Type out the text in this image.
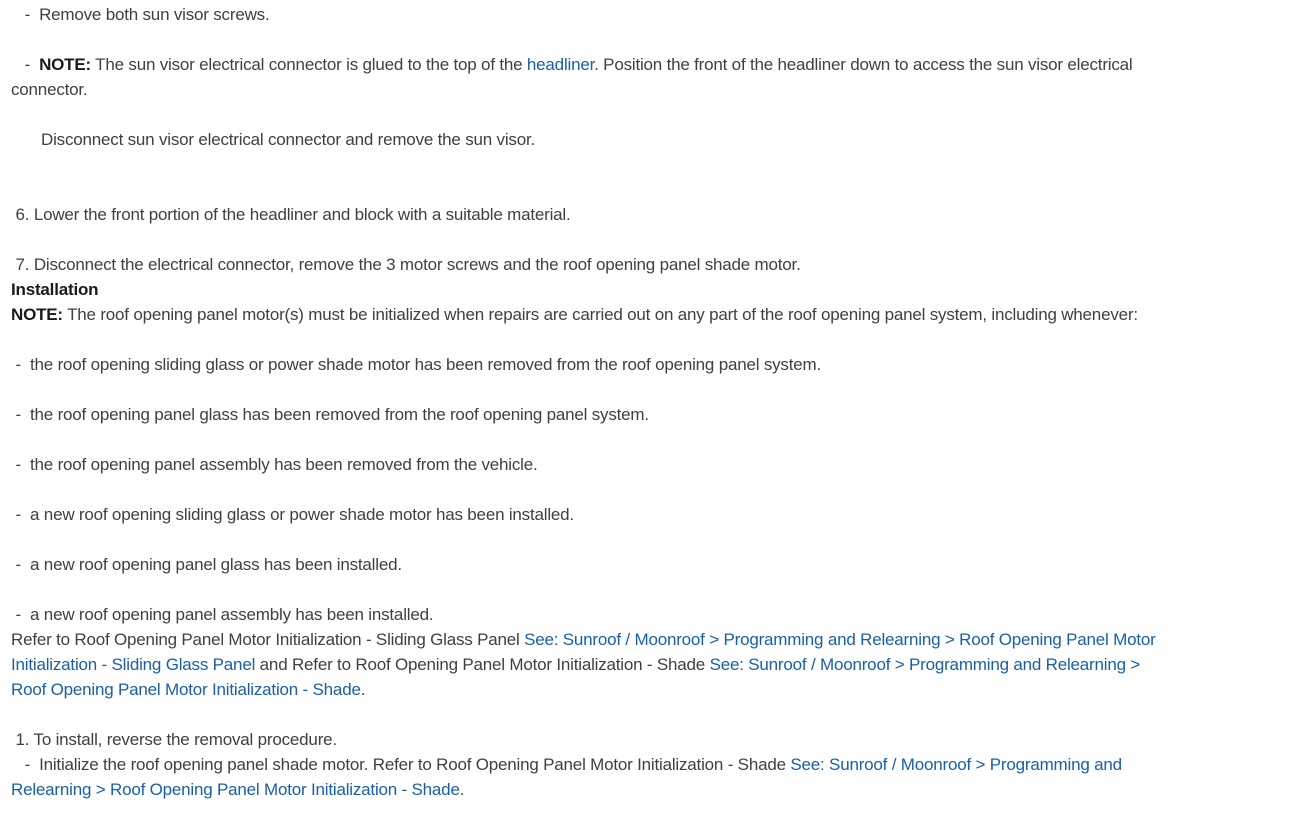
-  Remove both sun visor screws.
-  NOTE: The sun visor electrical connector is glued to the top of the headliner. Position the front of the headliner down to access the sun visor electrical
connector.
Disconnect sun visor electrical connector and remove the sun visor.
6. Lower the front portion of the headliner and block with a suitable material.
7. Disconnect the electrical connector, remove the 3 motor screws and the roof opening panel shade motor.
Installation
NOTE: The roof opening panel motor(s) must be initialized when repairs are carried out on any part of the roof opening panel system, including whenever:
-  the roof opening sliding glass or power shade motor has been removed from the roof opening panel system.
-  the roof opening panel glass has been removed from the roof opening panel system.
-  the roof opening panel assembly has been removed from the vehicle.
-  a new roof opening sliding glass or power shade motor has been installed.
-  a new roof opening panel glass has been installed.
-  a new roof opening panel assembly has been installed.
Refer to Roof Opening Panel Motor Initialization - Sliding Glass Panel See: Sunroof / Moonroof > Programming and Relearning > Roof Opening Panel Motor
Initialization - Sliding Glass Panel and Refer to Roof Opening Panel Motor Initialization - Shade See: Sunroof / Moonroof > Programming and Relearning >
Roof Opening Panel Motor Initialization - Shade.
1. To install, reverse the removal procedure.
-  Initialize the roof opening panel shade motor. Refer to Roof Opening Panel Motor Initialization - Shade See: Sunroof / Moonroof > Programming and
Relearning > Roof Opening Panel Motor Initialization - Shade.
